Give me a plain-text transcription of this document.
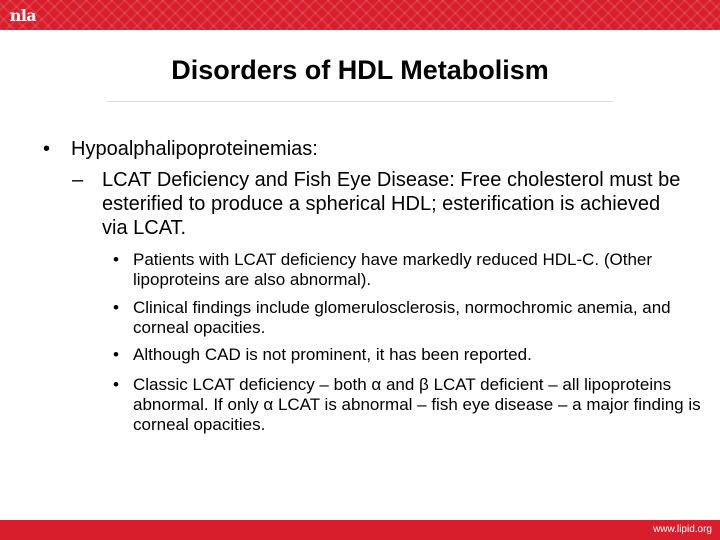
nla
Disorders of HDL Metabolism
• Hypoalphalipoproteinemias:
– LCAT Deficiency and Fish Eye Disease: Free cholesterol must be esterified to produce a spherical HDL; esterification is achieved via LCAT.
• Patients with LCAT deficiency have markedly reduced HDL-C. (Other lipoproteins are also abnormal).
• Clinical findings include glomerulosclerosis, normochromic anemia, and corneal opacities.
• Although CAD is not prominent, it has been reported.
• Classic LCAT deficiency – both α and β LCAT deficient – all lipoproteins abnormal. If only α LCAT is abnormal – fish eye disease – a major finding is corneal opacities.
www.lipid.org
